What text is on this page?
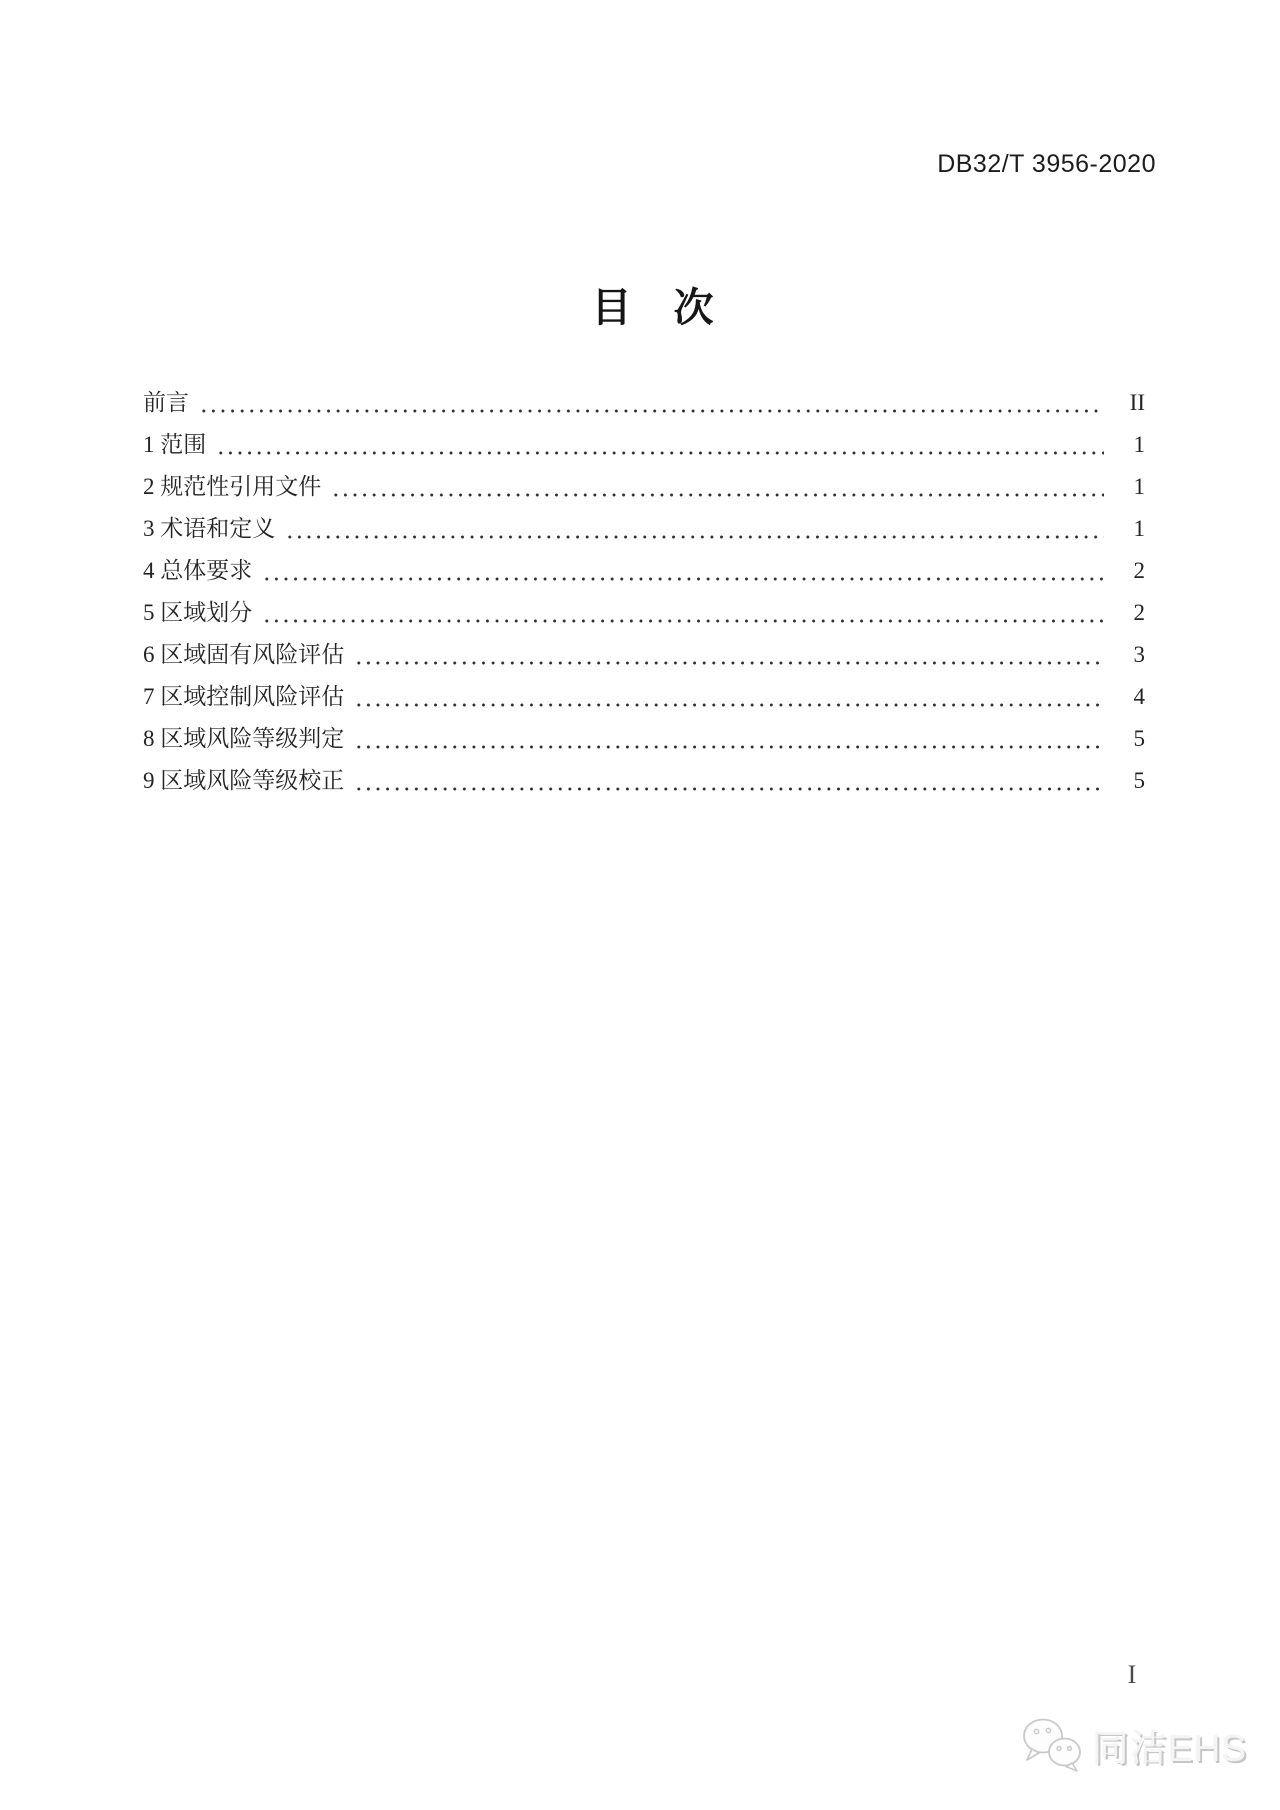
DB32/T 3956-2020
目　次
前言	II
1 范围	1
2 规范性引用文件	1
3 术语和定义	1
4 总体要求	2
5 区域划分	2
6 区域固有风险评估	3
7 区域控制风险评估	4
8 区域风险等级判定	5
9 区域风险等级校正	5
I
同洁EHS
